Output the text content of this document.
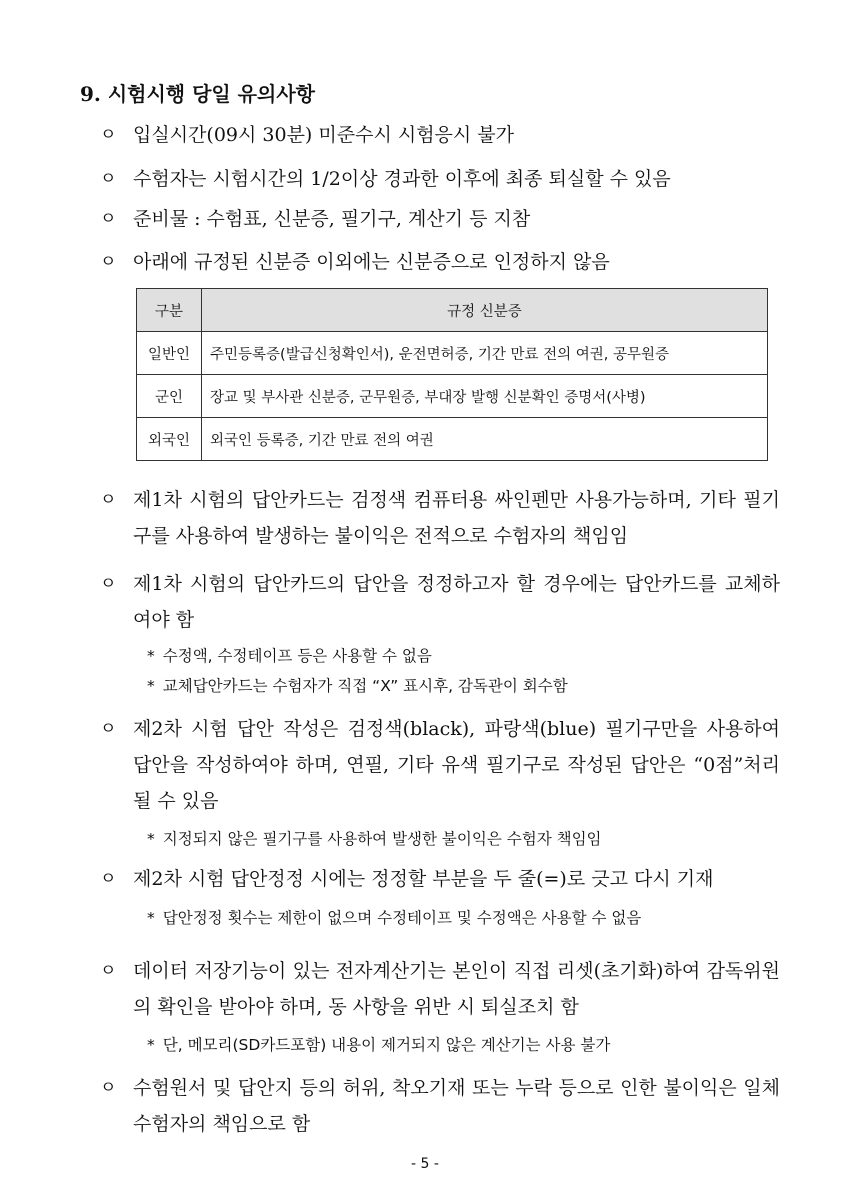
9. 시험시행 당일 유의사항
ㅇ 입실시간(09시 30분) 미준수시 시험응시 불가
ㅇ 수험자는 시험시간의 1/2이상 경과한 이후에 최종 퇴실할 수 있음
ㅇ 준비물 : 수험표, 신분증, 필기구, 계산기 등 지참
ㅇ 아래에 규정된 신분증 이외에는 신분증으로 인정하지 않음
구분	규정 신분증
일반인	주민등록증(발급신청확인서), 운전면허증, 기간 만료 전의 여권, 공무원증
군인	장교 및 부사관 신분증, 군무원증, 부대장 발행 신분확인 증명서(사병)
외국인	외국인 등록증, 기간 만료 전의 여권
ㅇ 제1차 시험의 답안카드는 검정색 컴퓨터용 싸인펜만 사용가능하며, 기타 필기구를 사용하여 발생하는 불이익은 전적으로 수험자의 책임임
ㅇ 제1차 시험의 답안카드의 답안을 정정하고자 할 경우에는 답안카드를 교체하여야 함
* 수정액, 수정테이프 등은 사용할 수 없음
* 교체답안카드는 수험자가 직접 “X” 표시후, 감독관이 회수함
ㅇ 제2차 시험 답안 작성은 검정색(black), 파랑색(blue) 필기구만을 사용하여 답안을 작성하여야 하며, 연필, 기타 유색 필기구로 작성된 답안은 “0점”처리될 수 있음
* 지정되지 않은 필기구를 사용하여 발생한 불이익은 수험자 책임임
ㅇ 제2차 시험 답안정정 시에는 정정할 부분을 두 줄(=)로 긋고 다시 기재
* 답안정정 횟수는 제한이 없으며 수정테이프 및 수정액은 사용할 수 없음
ㅇ 데이터 저장기능이 있는 전자계산기는 본인이 직접 리셋(초기화)하여 감독위원의 확인을 받아야 하며, 동 사항을 위반 시 퇴실조치 함
* 단, 메모리(SD카드포함) 내용이 제거되지 않은 계산기는 사용 불가
ㅇ 수험원서 및 답안지 등의 허위, 착오기재 또는 누락 등으로 인한 불이익은 일체 수험자의 책임으로 함
- 5 -
